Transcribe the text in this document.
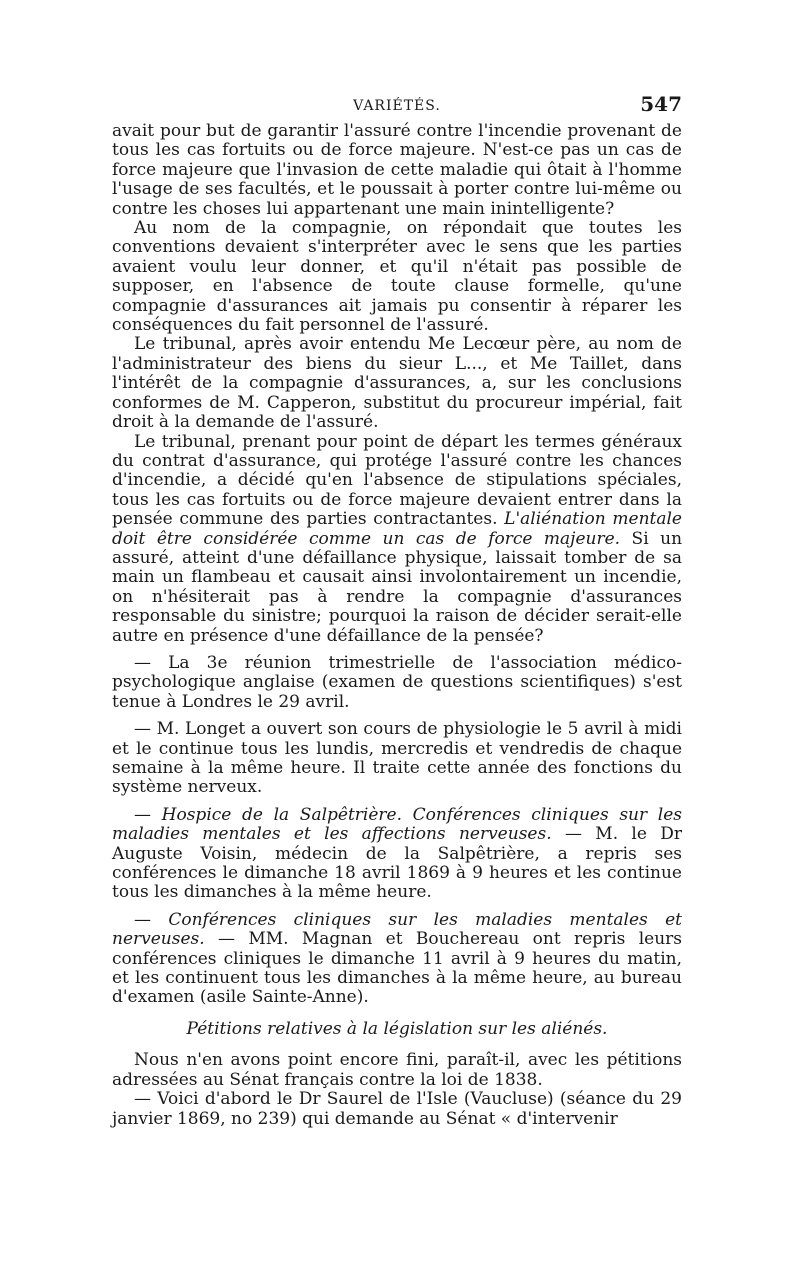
VARIÉTÉS.	547

avait pour but de garantir l'assuré contre l'incendie provenant de tous les cas fortuits ou de force majeure. N'est-ce pas un cas de force majeure que l'invasion de cette maladie qui ôtait à l'homme l'usage de ses facultés, et le poussait à porter contre lui-même ou contre les choses lui appartenant une main inintelligente?

Au nom de la compagnie, on répondait que toutes les conventions devaient s'interpréter avec le sens que les parties avaient voulu leur donner, et qu'il n'était pas possible de supposer, en l'absence de toute clause formelle, qu'une compagnie d'assurances ait jamais pu consentir à réparer les conséquences du fait personnel de l'assuré.

Le tribunal, après avoir entendu Me Lecœur père, au nom de l'administrateur des biens du sieur L..., et Me Taillet, dans l'intérêt de la compagnie d'assurances, a, sur les conclusions conformes de M. Capperon, substitut du procureur impérial, fait droit à la demande de l'assuré.

Le tribunal, prenant pour point de départ les termes généraux du contrat d'assurance, qui protége l'assuré contre les chances d'incendie, a décidé qu'en l'absence de stipulations spéciales, tous les cas fortuits ou de force majeure devaient entrer dans la pensée commune des parties contractantes. L'aliénation mentale doit être considérée comme un cas de force majeure. Si un assuré, atteint d'une défaillance physique, laissait tomber de sa main un flambeau et causait ainsi involontairement un incendie, on n'hésiterait pas à rendre la compagnie d'assurances responsable du sinistre; pourquoi la raison de décider serait-elle autre en présence d'une défaillance de la pensée?

— La 3e réunion trimestrielle de l'association médico-psychologique anglaise (examen de questions scientifiques) s'est tenue à Londres le 29 avril.

— M. Longet a ouvert son cours de physiologie le 5 avril à midi et le continue tous les lundis, mercredis et vendredis de chaque semaine à la même heure. Il traite cette année des fonctions du système nerveux.

— Hospice de la Salpêtrière. Conférences cliniques sur les maladies mentales et les affections nerveuses. — M. le Dr Auguste Voisin, médecin de la Salpêtrière, a repris ses conférences le dimanche 18 avril 1869 à 9 heures et les continue tous les dimanches à la même heure.

— Conférences cliniques sur les maladies mentales et nerveuses. — MM. Magnan et Bouchereau ont repris leurs conférences cliniques le dimanche 11 avril à 9 heures du matin, et les continuent tous les dimanches à la même heure, au bureau d'examen (asile Sainte-Anne).

Pétitions relatives à la législation sur les aliénés.

Nous n'en avons point encore fini, paraît-il, avec les pétitions adressées au Sénat français contre la loi de 1838.

— Voici d'abord le Dr Saurel de l'Isle (Vaucluse) (séance du 29 janvier 1869, no 239) qui demande au Sénat « d'intervenir
